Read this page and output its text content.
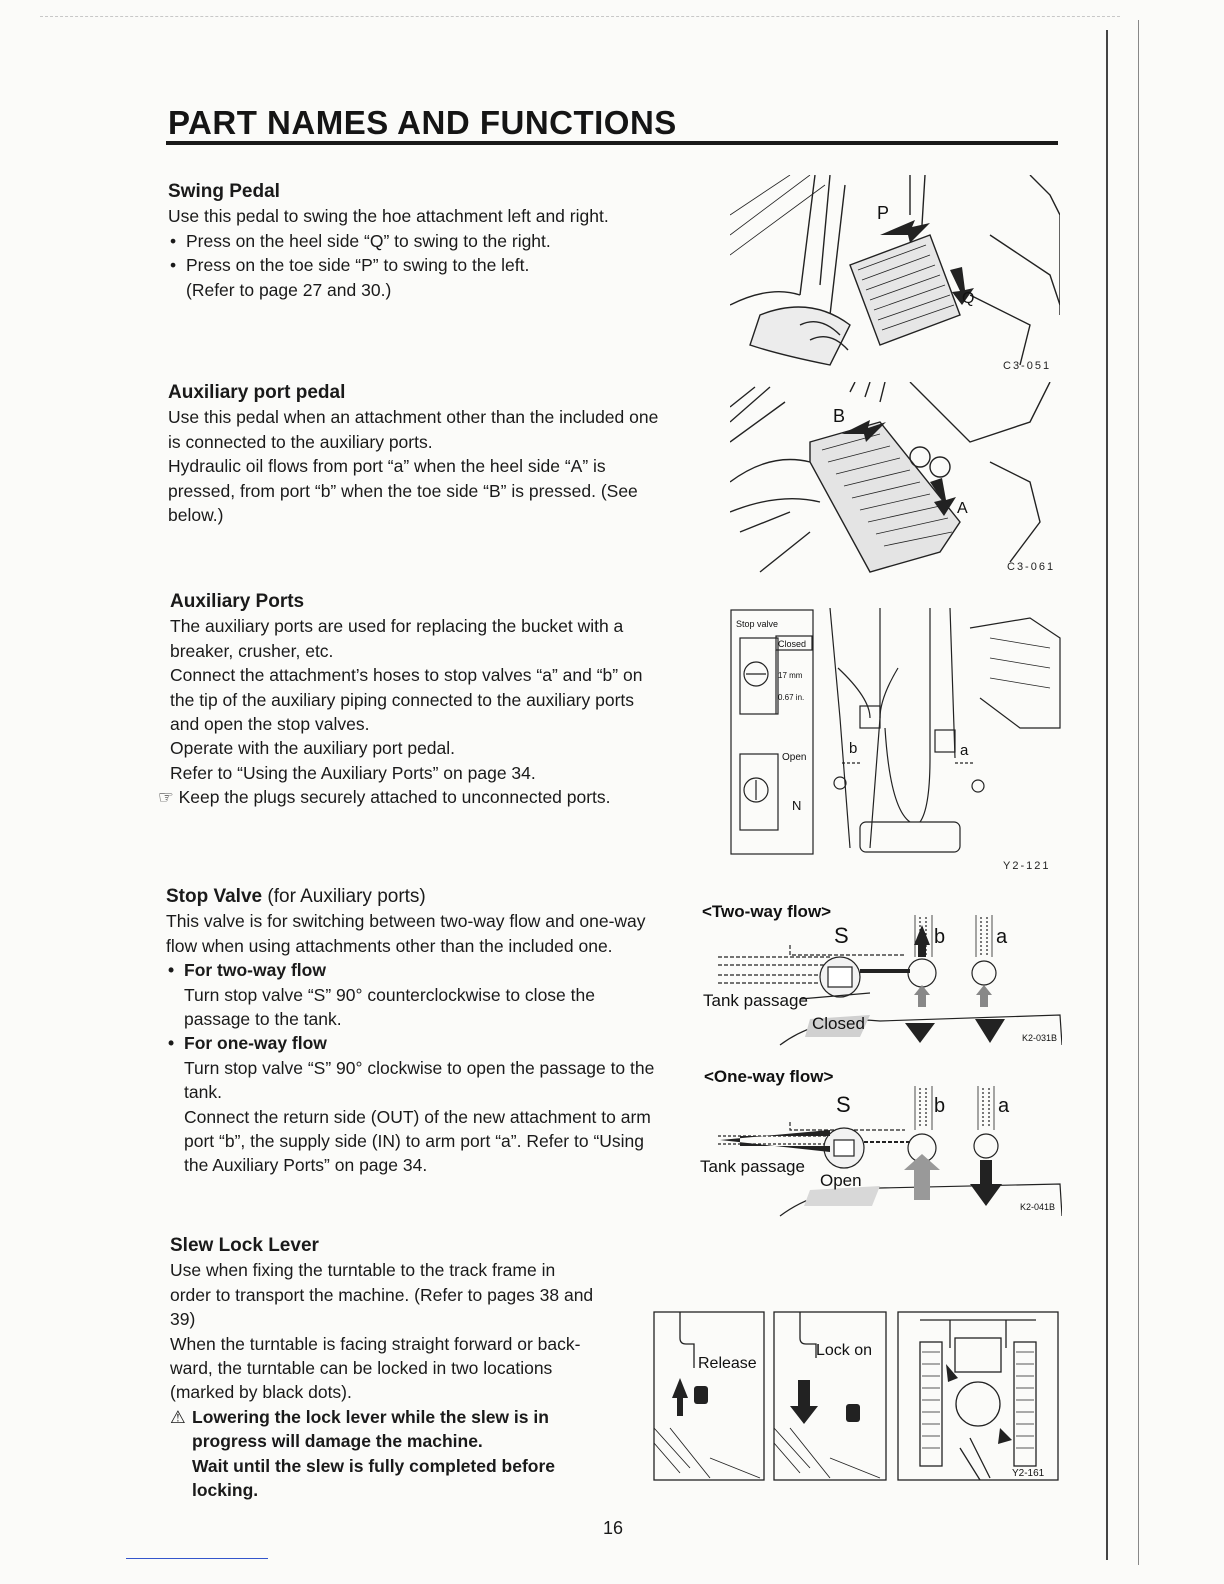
PART NAMES AND FUNCTIONS

Swing Pedal

Use this pedal to swing the hoe attachment left and right.

• Press on the heel side “Q” to swing to the right.

• Press on the toe side “P” to swing to the left.

(Refer to page 27 and 30.)

P
Q
C3-051

Auxiliary port pedal

Use this pedal when an attachment other than the included one

is connected to the auxiliary ports.

Hydraulic oil flows from port “a” when the heel side “A” is

pressed, from port “b” when the toe side “B” is pressed. (See

below.)

B
A
C3-061

Auxiliary Ports

The auxiliary ports are used for replacing the bucket with a

breaker, crusher, etc.

Connect the attachment’s hoses to stop valves “a” and “b” on

the tip of the auxiliary piping connected to the auxiliary ports

and open the stop valves.

Operate with the auxiliary port pedal.

Refer to “Using the Auxiliary Ports” on page 34.

☞ Keep the plugs securely attached to unconnected ports.

Stop valve
Closed
17 mm
0.67 in.
Open
N
b	a
Y2-121

Stop Valve (for Auxiliary ports)

This valve is for switching between two-way flow and one-way

flow when using attachments other than the included one.

• For two-way flow

Turn stop valve “S” 90° counterclockwise to close the

passage to the tank.

• For one-way flow

Turn stop valve “S” 90° clockwise to open the passage to the

tank.

Connect the return side (OUT) of the new attachment to arm

port “b”, the supply side (IN) to arm port “a”. Refer to “Using

the Auxiliary Ports” on page 34.

<Two-way flow>
S	b	a
Tank passage
Closed
K2-031B
<One-way flow>
S	b	a
Tank passage
Open
K2-041B

Slew Lock Lever

Use when fixing the turntable to the track frame in

order to transport the machine. (Refer to pages 38 and

39)

When the turntable is facing straight forward or back-

ward, the turntable can be locked in two locations

(marked by black dots).

⚠ Lowering the lock lever while the slew is in

progress will damage the machine.

Wait until the slew is fully completed before

locking.

Release
Lock on
Y2-161
16
